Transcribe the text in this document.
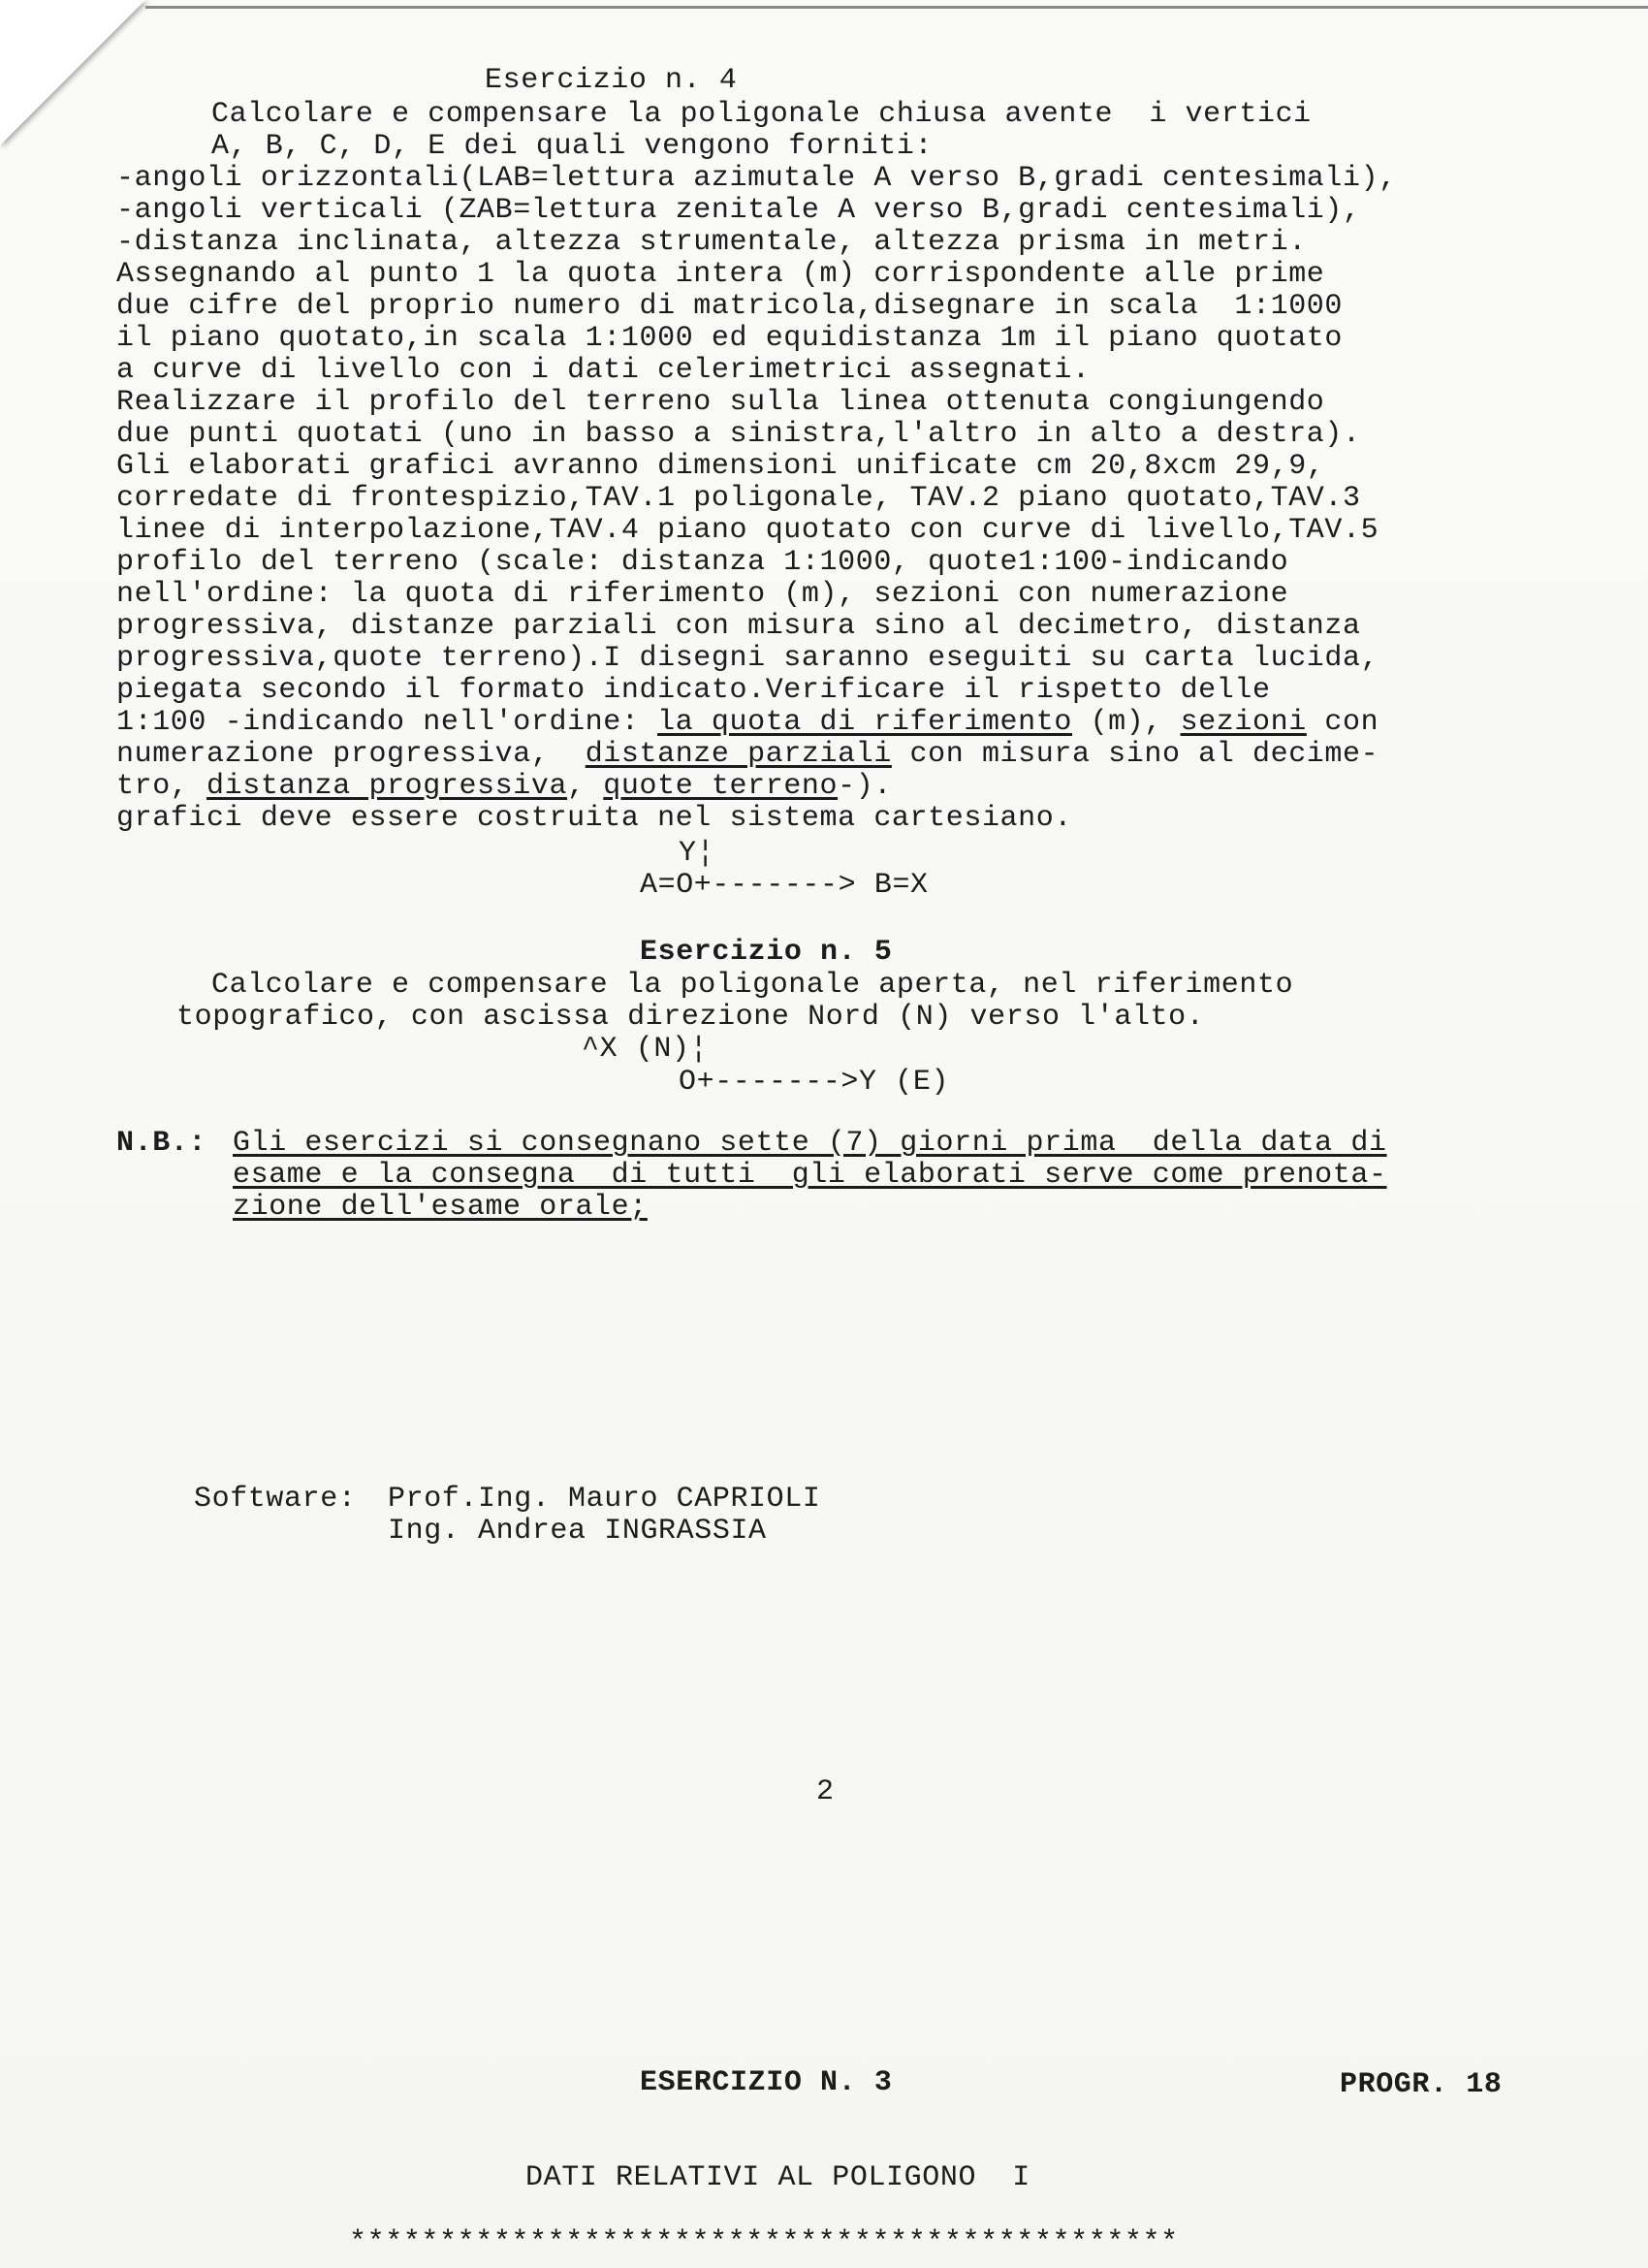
Esercizio n. 4
Calcolare e compensare la poligonale chiusa avente  i vertici
A, B, C, D, E dei quali vengono forniti:
-angoli orizzontali(LAB=lettura azimutale A verso B,gradi centesimali),
-angoli verticali (ZAB=lettura zenitale A verso B,gradi centesimali),
-distanza inclinata, altezza strumentale, altezza prisma in metri.
Assegnando al punto 1 la quota intera (m) corrispondente alle prime
due cifre del proprio numero di matricola,disegnare in scala  1:1000
il piano quotato,in scala 1:1000 ed equidistanza 1m il piano quotato
a curve di livello con i dati celerimetrici assegnati.
Realizzare il profilo del terreno sulla linea ottenuta congiungendo
due punti quotati (uno in basso a sinistra,l'altro in alto a destra).
Gli elaborati grafici avranno dimensioni unificate cm 20,8xcm 29,9,
corredate di frontespizio,TAV.1 poligonale, TAV.2 piano quotato,TAV.3
linee di interpolazione,TAV.4 piano quotato con curve di livello,TAV.5
profilo del terreno (scale: distanza 1:1000, quote1:100-indicando
nell'ordine: la quota di riferimento (m), sezioni con numerazione
progressiva, distanze parziali con misura sino al decimetro, distanza
progressiva,quote terreno).I disegni saranno eseguiti su carta lucida,
piegata secondo il formato indicato.Verificare il rispetto delle
1:100 -indicando nell'ordine: la quota di riferimento (m), sezioni con
numerazione progressiva,  distanze parziali con misura sino al decime-
tro, distanza progressiva, quote terreno-).
grafici deve essere costruita nel sistema cartesiano.
Y¦
A=O+-------> B=X
Esercizio n. 5
Calcolare e compensare la poligonale aperta, nel riferimento
topografico, con ascissa direzione Nord (N) verso l'alto.
^X (N)¦
O+------->Y (E)
N.B.: Gli esercizi si consegnano sette (7) giorni prima  della data di
esame e la consegna  di tutti  gli elaborati serve come prenota-
zione dell'esame orale;
Software: Prof.Ing. Mauro CAPRIOLI
Ing. Andrea INGRASSIA
2
ESERCIZIO N. 3	PROGR. 18
DATI RELATIVI AL POLIGONO  I
**********************************************
